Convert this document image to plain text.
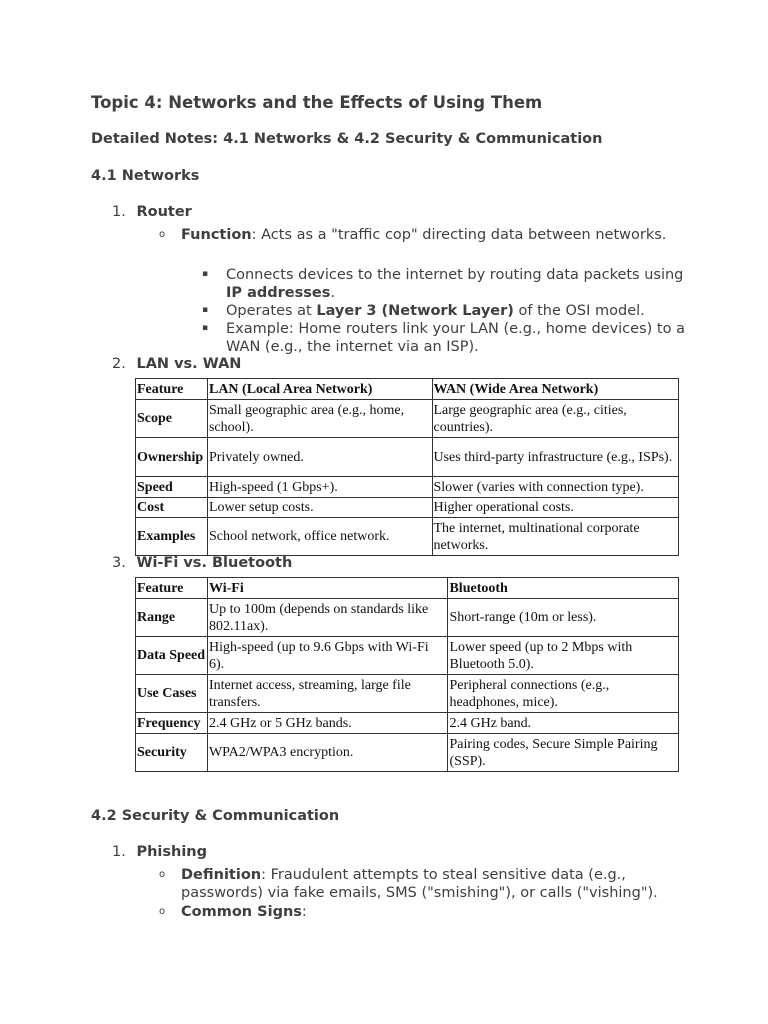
Topic 4: Networks and the Effects of Using Them
Detailed Notes: 4.1 Networks & 4.2 Security & Communication
4.1 Networks
1. Router
o Function: Acts as a "traffic cop" directing data between networks.
▪ Connects devices to the internet by routing data packets using IP addresses.
▪ Operates at Layer 3 (Network Layer) of the OSI model.
▪ Example: Home routers link your LAN (e.g., home devices) to a WAN (e.g., the internet via an ISP).
2. LAN vs. WAN
Feature	LAN (Local Area Network)	WAN (Wide Area Network)
Scope	Small geographic area (e.g., home, school).	Large geographic area (e.g., cities, countries).
Ownership	Privately owned.	Uses third-party infrastructure (e.g., ISPs).
Speed	High-speed (1 Gbps+).	Slower (varies with connection type).
Cost	Lower setup costs.	Higher operational costs.
Examples	School network, office network.	The internet, multinational corporate networks.
3. Wi-Fi vs. Bluetooth
Feature	Wi-Fi	Bluetooth
Range	Up to 100m (depends on standards like 802.11ax).	Short-range (10m or less).
Data Speed	High-speed (up to 9.6 Gbps with Wi-Fi 6).	Lower speed (up to 2 Mbps with Bluetooth 5.0).
Use Cases	Internet access, streaming, large file transfers.	Peripheral connections (e.g., headphones, mice).
Frequency	2.4 GHz or 5 GHz bands.	2.4 GHz band.
Security	WPA2/WPA3 encryption.	Pairing codes, Secure Simple Pairing (SSP).
4.2 Security & Communication
1. Phishing
o Definition: Fraudulent attempts to steal sensitive data (e.g., passwords) via fake emails, SMS ("smishing"), or calls ("vishing").
o Common Signs:
